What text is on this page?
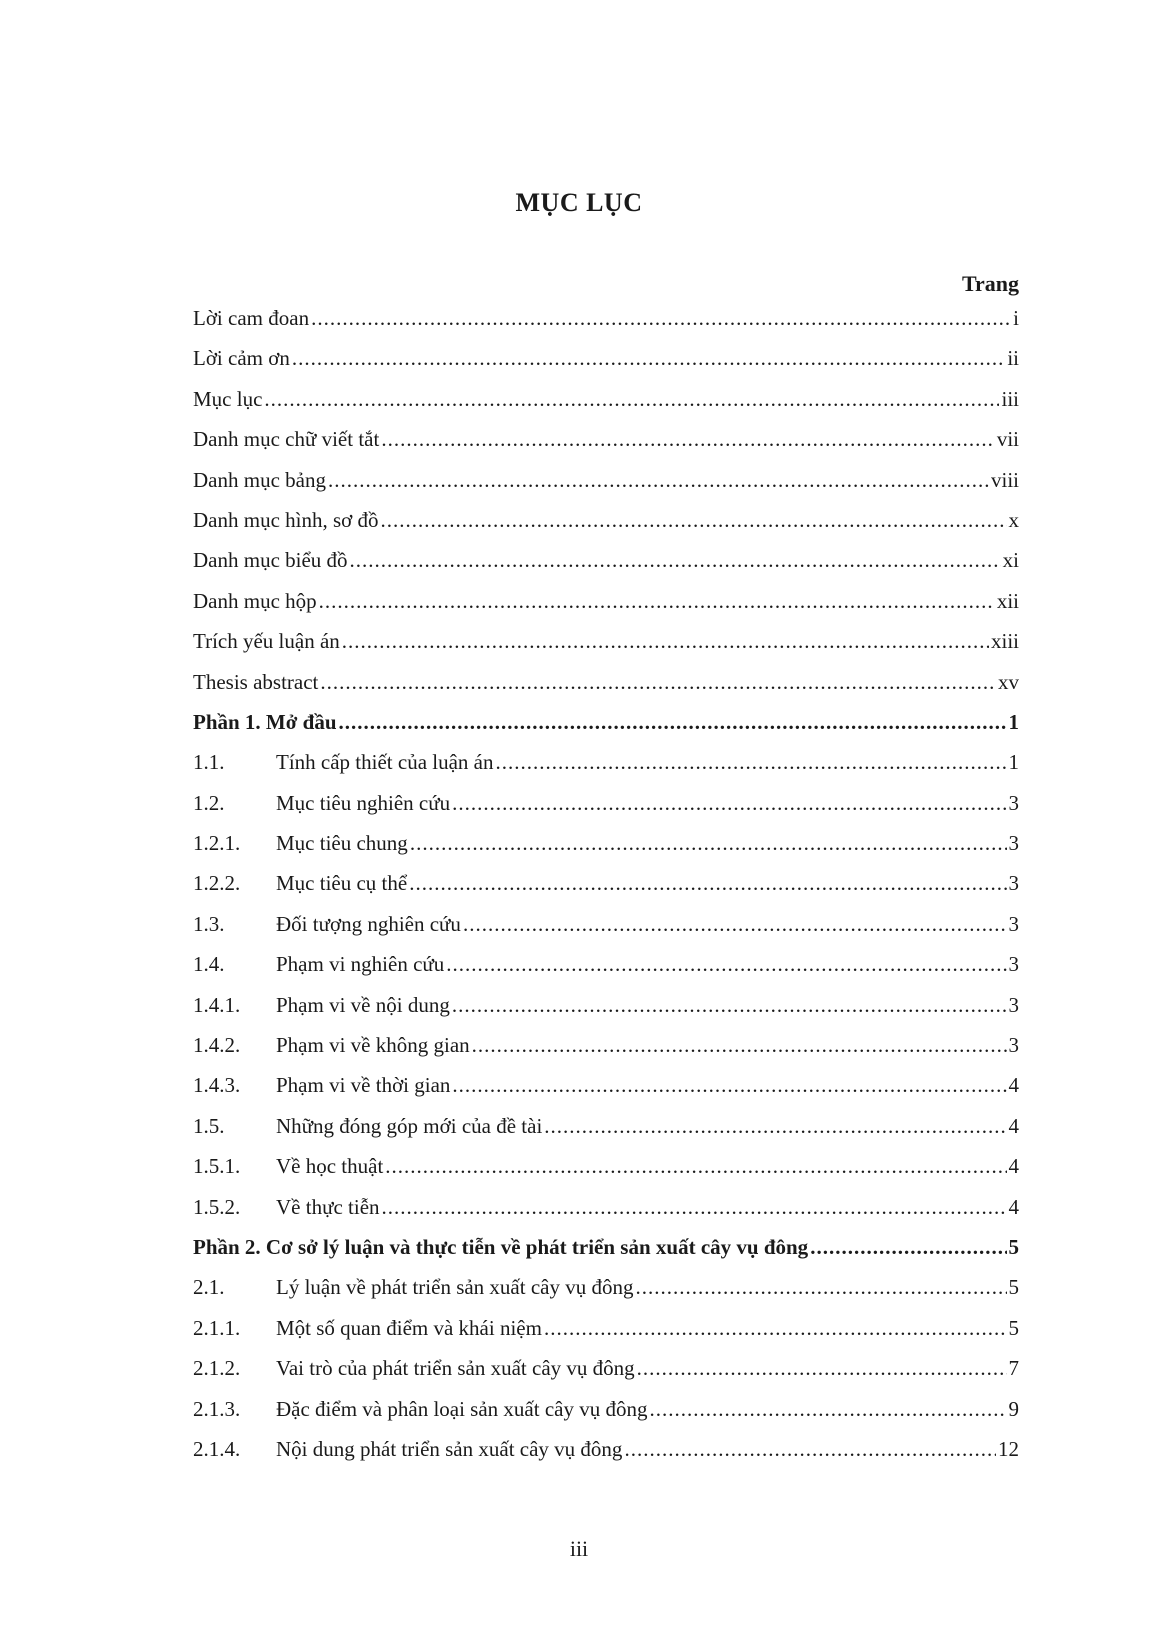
MỤC LỤC
Trang
Lời cam đoan .....	i
Lời cảm ơn .....	ii
Mục lục .....	iii
Danh mục chữ viết tắt .....	vii
Danh mục bảng .....	viii
Danh mục hình, sơ đồ .....	x
Danh mục biểu đồ .....	xi
Danh mục hộp .....	xii
Trích yếu luận án .....	xiii
Thesis abstract .....	xv
Phần 1. Mở đầu .....	1
1.1.	Tính cấp thiết của luận án .....	1
1.2.	Mục tiêu nghiên cứu .....	3
1.2.1.	Mục tiêu chung .....	3
1.2.2.	Mục tiêu cụ thể .....	3
1.3.	Đối tượng nghiên cứu .....	3
1.4.	Phạm vi nghiên cứu .....	3
1.4.1.	Phạm vi về nội dung .....	3
1.4.2.	Phạm vi về không gian .....	3
1.4.3.	Phạm vi về thời gian .....	4
1.5.	Những đóng góp mới của đề tài .....	4
1.5.1.	Về học thuật .....	4
1.5.2.	Về thực tiễn .....	4
Phần 2. Cơ sở lý luận và thực tiễn về phát triển sản xuất cây vụ đông .....	5
2.1.	Lý luận về phát triển sản xuất cây vụ đông .....	5
2.1.1.	Một số quan điểm và khái niệm .....	5
2.1.2.	Vai trò của phát triển sản xuất cây vụ đông .....	7
2.1.3.	Đặc điểm và phân loại sản xuất cây vụ đông .....	9
2.1.4.	Nội dung phát triển sản xuất cây vụ đông .....	12
iii
